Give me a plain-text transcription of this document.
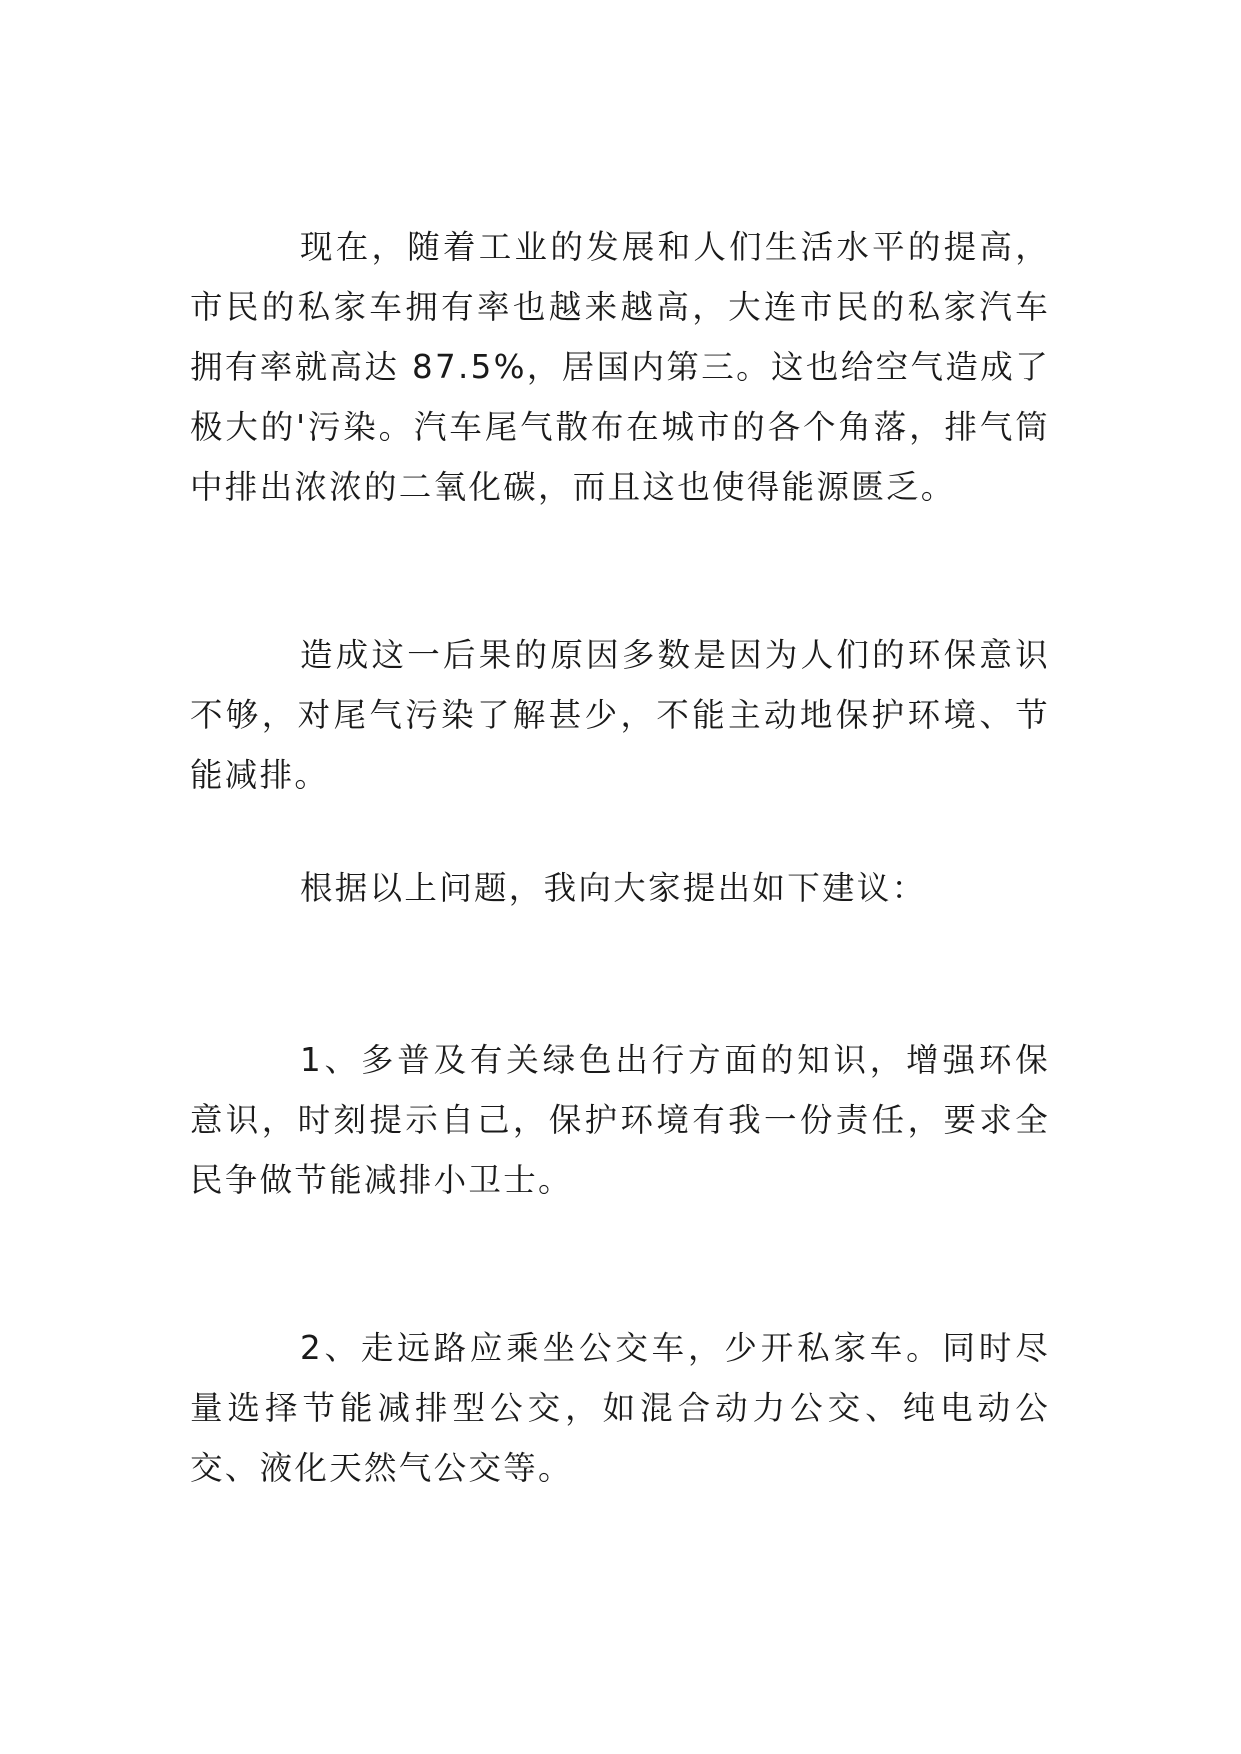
现在，随着工业的发展和人们生活水平的提高，市民的私家车拥有率也越来越高，大连市民的私家汽车拥有率就高达 87.5%，居国内第三。这也给空气造成了极大的'污染。汽车尾气散布在城市的各个角落，排气筒中排出浓浓的二氧化碳，而且这也使得能源匮乏。

造成这一后果的原因多数是因为人们的环保意识不够，对尾气污染了解甚少，不能主动地保护环境、节能减排。

根据以上问题，我向大家提出如下建议：

1、多普及有关绿色出行方面的知识，增强环保意识，时刻提示自己，保护环境有我一份责任，要求全民争做节能减排小卫士。

2、走远路应乘坐公交车，少开私家车。同时尽量选择节能减排型公交，如混合动力公交、纯电动公交、液化天然气公交等。
